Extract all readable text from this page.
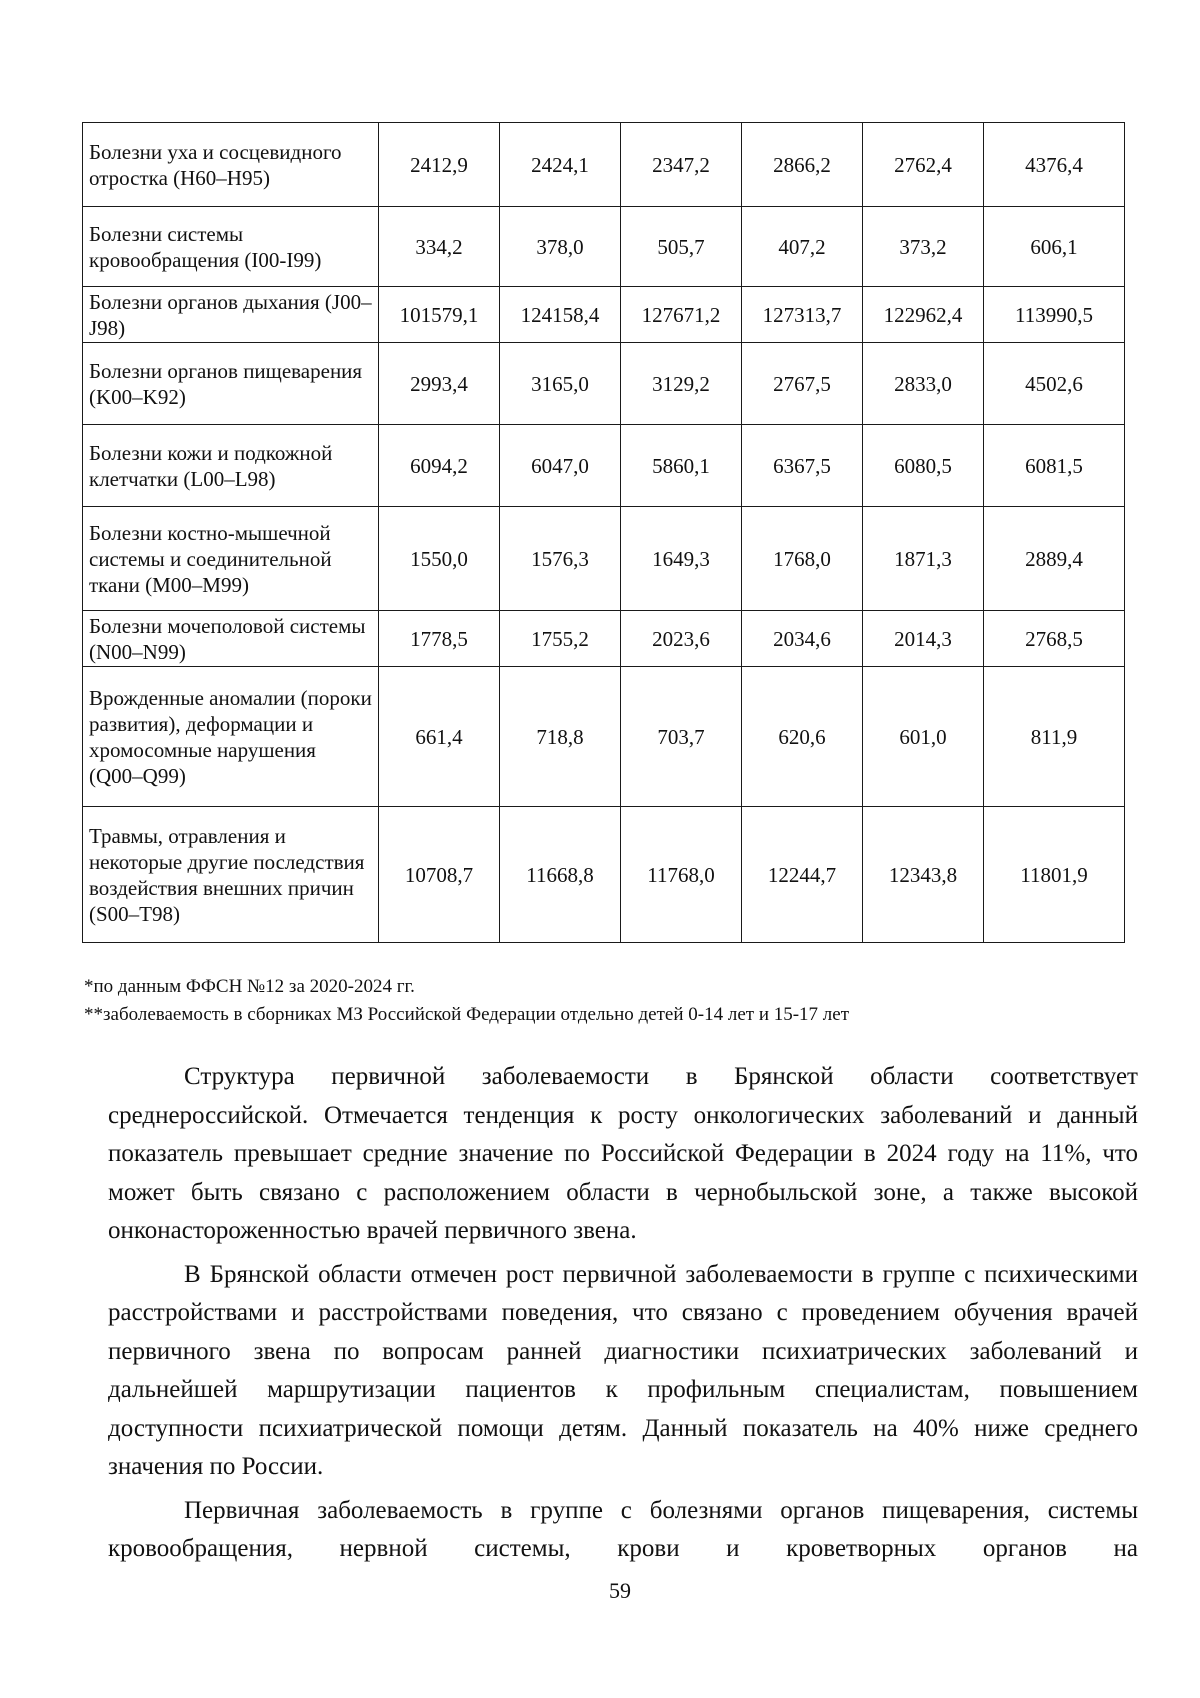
Болезни уха и сосцевидного отростка (H60–H95)	2412,9	2424,1	2347,2	2866,2	2762,4	4376,4
Болезни системы кровообращения (I00-I99)	334,2	378,0	505,7	407,2	373,2	606,1
Болезни органов дыхания (J00–J98)	101579,1	124158,4	127671,2	127313,7	122962,4	113990,5
Болезни органов пищеварения (K00–K92)	2993,4	3165,0	3129,2	2767,5	2833,0	4502,6
Болезни кожи и подкожной клетчатки (L00–L98)	6094,2	6047,0	5860,1	6367,5	6080,5	6081,5
Болезни костно-мышечной системы и соединительной ткани (M00–M99)	1550,0	1576,3	1649,3	1768,0	1871,3	2889,4
Болезни мочеполовой системы (N00–N99)	1778,5	1755,2	2023,6	2034,6	2014,3	2768,5
Врожденные аномалии (пороки развития), деформации и хромосомные нарушения (Q00–Q99)	661,4	718,8	703,7	620,6	601,0	811,9
Травмы, отравления и некоторые другие последствия воздействия внешних причин (S00–T98)	10708,7	11668,8	11768,0	12244,7	12343,8	11801,9

*по данным ФФСН №12 за 2020-2024 гг.

**заболеваемость в сборниках МЗ Российской Федерации отдельно детей 0-14 лет и 15-17 лет

Структура первичной заболеваемости в Брянской области соответствует среднероссийской. Отмечается тенденция к росту онкологических заболеваний и данный показатель превышает средние значение по Российской Федерации в 2024 году на 11%, что может быть связано с расположением области в чернобыльской зоне, а также высокой онконастороженностью врачей первичного звена.

В Брянской области отмечен рост первичной заболеваемости в группе с психическими расстройствами и расстройствами поведения, что связано с проведением обучения врачей первичного звена по вопросам ранней диагностики психиатрических заболеваний и дальнейшей маршрутизации пациентов к профильным специалистам, повышением доступности психиатрической помощи детям. Данный показатель на 40% ниже среднего значения по России.

Первичная заболеваемость в группе с болезнями органов пищеварения, системы кровообращения, нервной системы, крови и кроветворных органов на

59
